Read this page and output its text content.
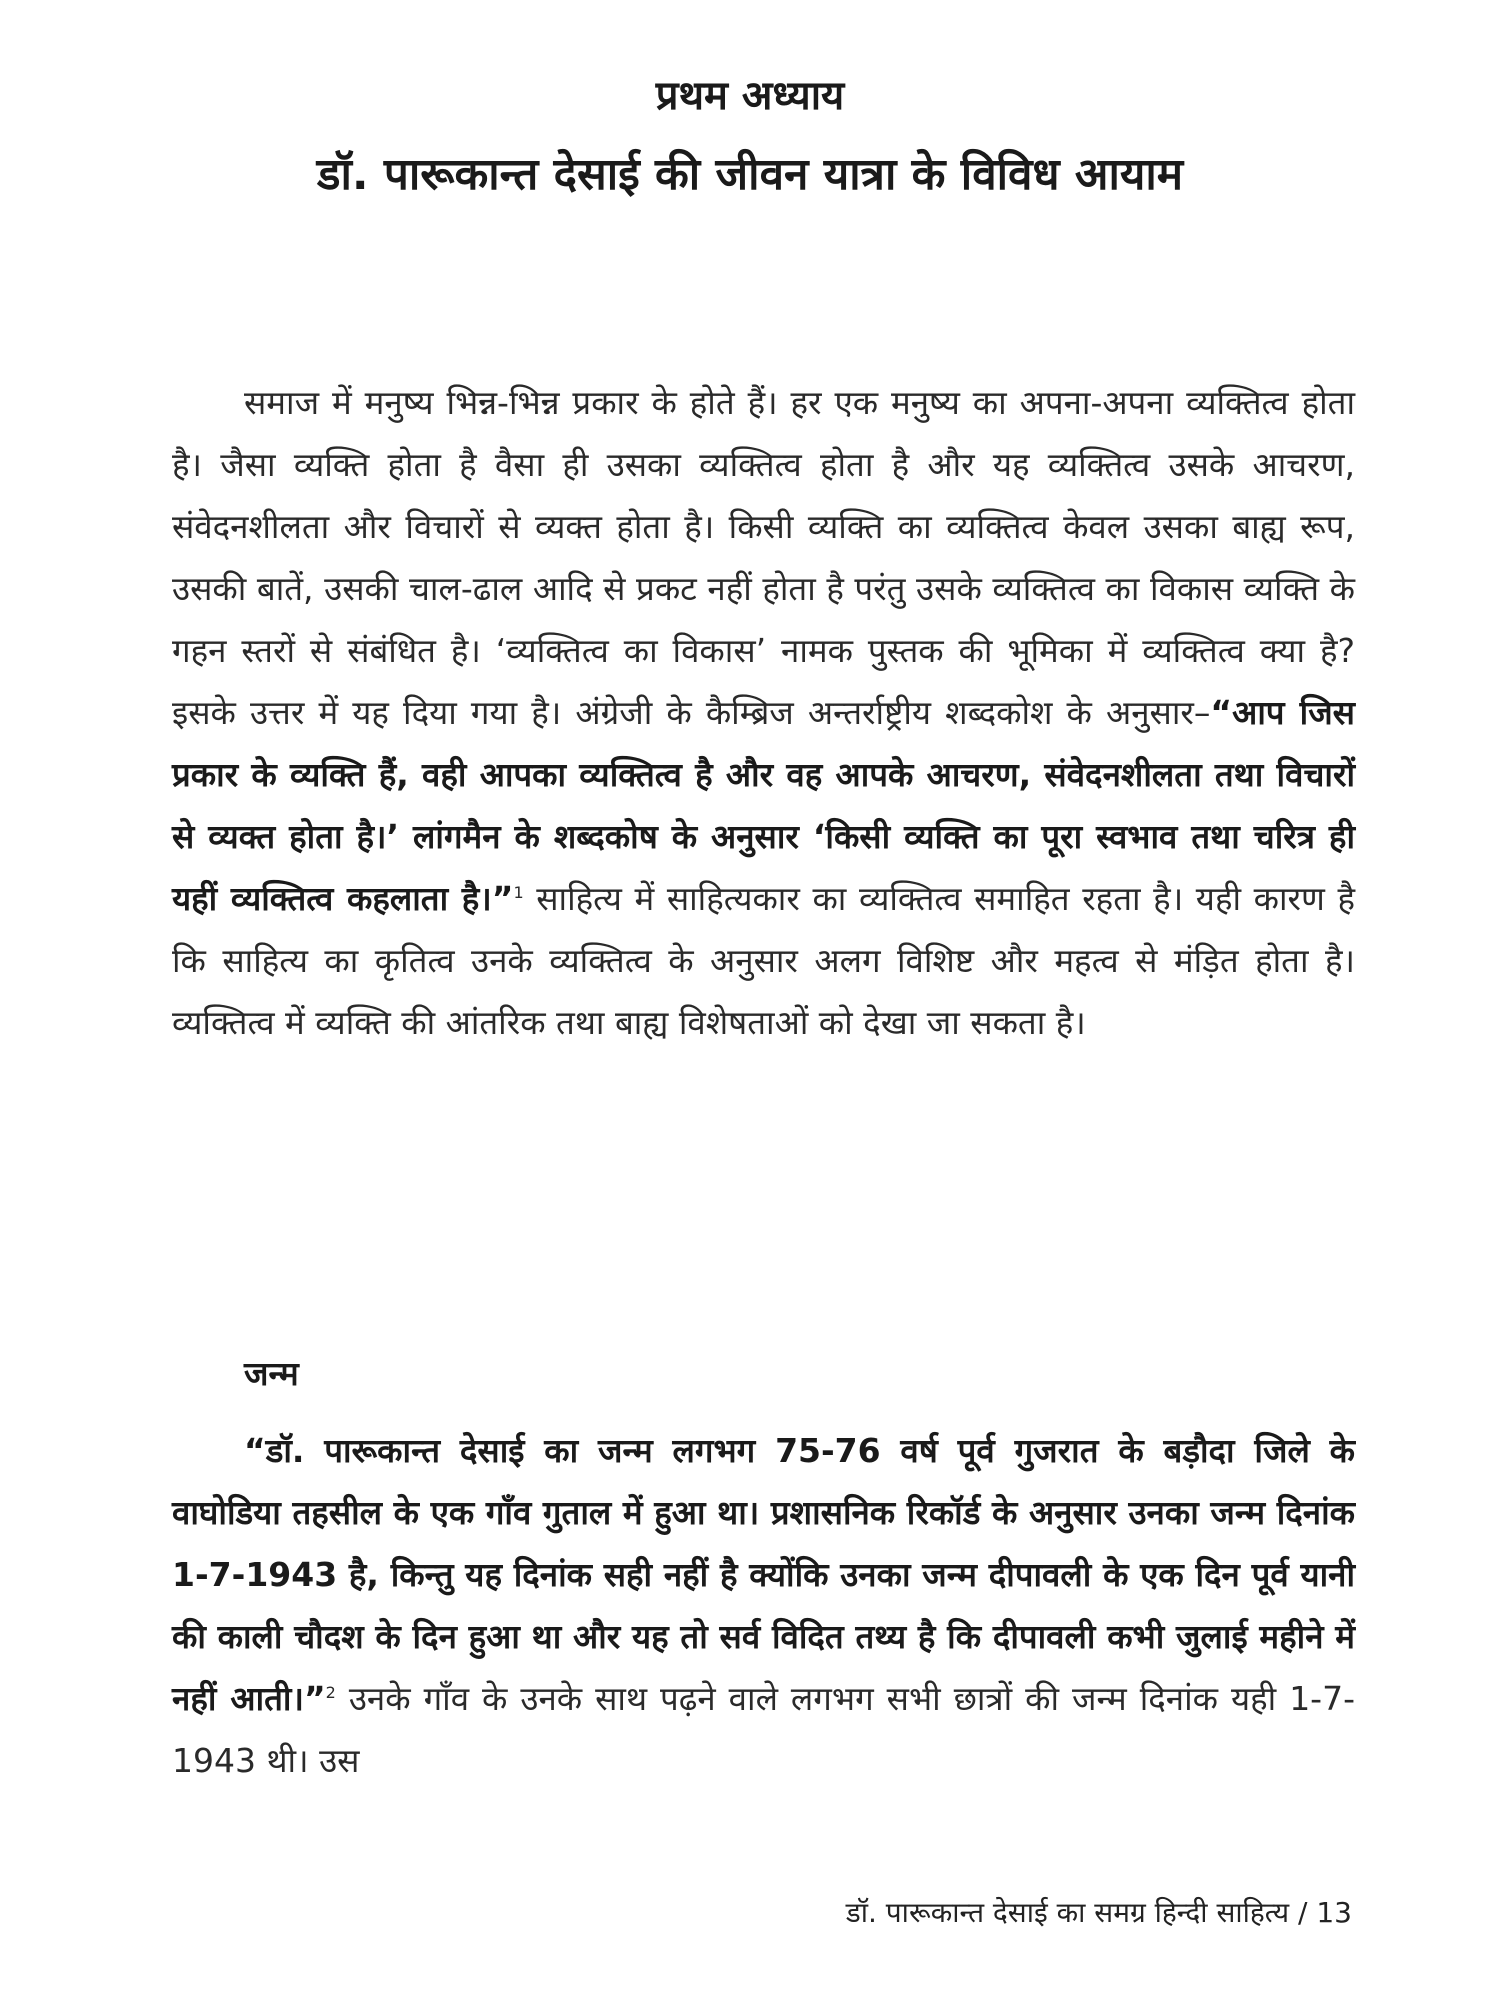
प्रथम अध्याय
डॉ. पारूकान्त देसाई की जीवन यात्रा के विविध आयाम

समाज में मनुष्य भिन्न-भिन्न प्रकार के होते हैं। हर एक मनुष्य का अपना-अपना व्यक्तित्व होता है। जैसा व्यक्ति होता है वैसा ही उसका व्यक्तित्व होता है और यह व्यक्तित्व उसके आचरण, संवेदनशीलता और विचारों से व्यक्त होता है। किसी व्यक्ति का व्यक्तित्व केवल उसका बाह्य रूप, उसकी बातें, उसकी चाल-ढाल आदि से प्रकट नहीं होता है परंतु उसके व्यक्तित्व का विकास व्यक्ति के गहन स्तरों से संबंधित है। ‘व्यक्तित्व का विकास’ नामक पुस्तक की भूमिका में व्यक्तित्व क्या है? इसके उत्तर में यह दिया गया है। अंग्रेजी के कैम्ब्रिज अन्तर्राष्ट्रीय शब्दकोश के अनुसार–“आप जिस प्रकार के व्यक्ति हैं, वही आपका व्यक्तित्व है और वह आपके आचरण, संवेदनशीलता तथा विचारों से व्यक्त होता है।’ लांगमैन के शब्दकोष के अनुसार ‘किसी व्यक्ति का पूरा स्वभाव तथा चरित्र ही यहीं व्यक्तित्व कहलाता है।”$^1$ साहित्य में साहित्यकार का व्यक्तित्व समाहित रहता है। यही कारण है कि साहित्य का कृतित्व उनके व्यक्तित्व के अनुसार अलग विशिष्ट और महत्व से मंड़ित होता है। व्यक्तित्व में व्यक्ति की आंतरिक तथा बाह्य विशेषताओं को देखा जा सकता है।

जन्म

“डॉ. पारूकान्त देसाई का जन्म लगभग 75-76 वर्ष पूर्व गुजरात के बड़ौदा जिले के वाघोडिया तहसील के एक गाँव गुताल में हुआ था। प्रशासनिक रिकॉर्ड के अनुसार उनका जन्म दिनांक 1-7-1943 है, किन्तु यह दिनांक सही नहीं है क्योंकि उनका जन्म दीपावली के एक दिन पूर्व यानी की काली चौदश के दिन हुआ था और यह तो सर्व विदित तथ्य है कि दीपावली कभी जुलाई महीने में नहीं आती।”$^2$ उनके गाँव के उनके साथ पढ़ने वाले लगभग सभी छात्रों की जन्म दिनांक यही 1-7-1943 थी। उस

डॉ. पारूकान्त देसाई का समग्र हिन्दी साहित्य / 13
